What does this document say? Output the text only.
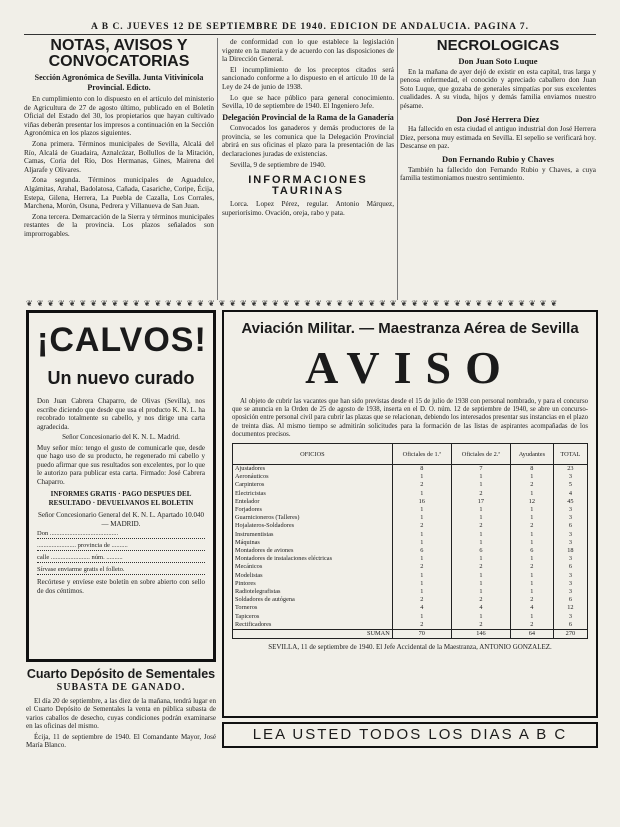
A B C. JUEVES 12 DE SEPTIEMBRE DE 1940. EDICION DE ANDALUCIA. PAGINA 7.
NOTAS, AVISOS Y CONVOCATORIAS
Sección Agronómica de Sevilla. Junta Vitivinícola Provincial. Edicto.

En cumplimiento con lo dispuesto en el artículo del ministerio de Agricultura de 27 de agosto último, publicado en el Boletín Oficial del Estado del 30, los propietarios que hayan cultivado viñas deberán presentar los impresos a continuación en la Sección Agronómica en los plazos siguientes.

Zona primera. Términos municipales de Sevilla, Alcalá del Río, Alcalá de Guadaira, Aznalcázar, Bollullos de la Mitación, Camas, Coria del Río, Dos Hermanas, Gines, Mairena del Aljarafe y Olivares.

Zona segunda. Términos municipales de Aguadulce, Algámitas, Arahal, Badolatosa, Cañada, Casariche, Coripe, Écija, Estepa, Gilena, Herrera, La Puebla de Cazalla, Los Corrales, Marchena, Morón, Osuna, Pedrera y Villanueva de San Juan.

Zona tercera. Demarcación de la Sierra y términos municipales restantes de la provincia. Los plazos señalados son improrrogables.

de conformidad con lo que establece la legislación vigente en la materia y de acuerdo con las disposiciones de la Dirección General.

El incumplimiento de los preceptos citados será sancionado conforme a lo dispuesto en el artículo 10 de la Ley de 24 de junio de 1938.

Lo que se hace público para general conocimiento. Sevilla, 10 de septiembre de 1940. El Ingeniero Jefe.

Delegación Provincial de la Rama de la Ganadería

Convocados los ganaderos y demás productores de la provincia, se les comunica que la Delegación Provincial abrirá en sus oficinas el plazo para la presentación de las declaraciones juradas de existencias.

Sevilla, 9 de septiembre de 1940.

INFORMACIONES TAURINAS

Lorca. Lopez Pérez, regular. Antonio Márquez, superiorísimo. Ovación, oreja, rabo y pata.

NECROLOGICAS
Don Juan Soto Luque

En la mañana de ayer dejó de existir en esta capital, tras larga y penosa enfermedad, el conocido y apreciado caballero don Juan Soto Luque, que gozaba de generales simpatías por sus excelentes cualidades. A su viuda, hijos y demás familia enviamos nuestro pésame.

Don José Herrera Díez

Ha fallecido en esta ciudad el antiguo industrial don José Herrera Díez, persona muy estimada en Sevilla. El sepelio se verificará hoy. Descanse en paz.

Don Fernando Rubio y Chaves

También ha fallecido don Fernando Rubio y Chaves, a cuya familia testimoniamos nuestro sentimiento.

❦ ❦ ❦ ❦ ❦ ❦ ❦ ❦ ❦ ❦ ❦ ❦ ❦ ❦ ❦ ❦ ❦ ❦ ❦ ❦ ❦ ❦ ❦ ❦ ❦ ❦ ❦ ❦ ❦ ❦ ❦ ❦ ❦ ❦ ❦ ❦ ❦ ❦ ❦ ❦ ❦ ❦ ❦ ❦ ❦ ❦ ❦ ❦ ❦ ❦
¡CALVOS!
Un nuevo curado

Don Juan Cabrera Chaparro, de Olivas (Sevilla), nos escribe diciendo que desde que usa el producto K. N. L. ha recobrado totalmente su cabello, y nos dirige una carta agradecida.

Señor Concesionario del K. N. L. Madrid.

Muy señor mío: tengo el gusto de comunicarle que, desde que hago uso de su producto, he regenerado mi cabello y puedo afirmar que sus resultados son excelentes, por lo que le autorizo para publicar esta carta. Firmado: José Cabrera Chaparro.

INFORMES GRATIS · PAGO DESPUES DEL RESULTADO · DEVUELVANOS EL BOLETIN

Señor Concesionario General del K. N. L. Apartado 10.040 — MADRID.

Don ..........................................
........................ provincia de ..........
calle ........................ núm. ..........
Sírvase enviarme gratis el folleto.

Recórtese y envíese este boletín en sobre abierto con sello de dos céntimos.

Cuarto Depósito de Sementales
SUBASTA DE GANADO.

El día 20 de septiembre, a las diez de la mañana, tendrá lugar en el Cuarto Depósito de Sementales la venta en pública subasta de varios caballos de desecho, cuyas condiciones podrán examinarse en las oficinas del mismo.

Écija, 11 de septiembre de 1940. El Comandante Mayor, José María Blanco.

Aviación Militar. — Maestranza Aérea de Sevilla
AVISO

Al objeto de cubrir las vacantes que han sido previstas desde el 15 de julio de 1938 con personal nombrado, y para el concurso que se anuncia en la Orden de 25 de agosto de 1938, inserta en el D. O. núm. 12 de septiembre de 1940, se abre un concurso-oposición entre personal civil para cubrir las plazas que se relacionan, debiendo los interesados presentar sus instancias en el plazo de treinta días. Al mismo tiempo se admitirán solicitudes para la formación de las listas de aspirantes acompañadas de los documentos precisos.

OFICIOS	Oficiales de 1.ª	Oficiales de 2.ª	Ayudantes	TOTAL
Ajustadores	8	7	8	23
Aeronáuticos	1	1	1	3
Carpinteros	2	1	2	5
Electricistas	1	2	1	4
Entelador	16	17	12	45
Forjadores	1	1	1	3
Guarnicioneros (Talleres)	1	1	1	3
Hojalateros-Soldadores	2	2	2	6
Instrumentistas	1	1	1	3
Máquinas	1	1	1	3
Montadores de aviones	6	6	6	18
Montadores de instalaciones eléctricas	1	1	1	3
Mecánicos	2	2	2	6
Modelistas	1	1	1	3
Pintores	1	1	1	3
Radiotelegrafistas	1	1	1	3
Soldadores de autógena	2	2	2	6
Torneros	4	4	4	12
Tapiceros	1	1	1	3
Rectificadores	2	2	2	6
SUMAN	70	146	64	270
SEVILLA, 11 de septiembre de 1940. El Jefe Accidental de la Maestranza, ANTONIO GONZALEZ.
LEA USTED TODOS LOS DIAS A B C
